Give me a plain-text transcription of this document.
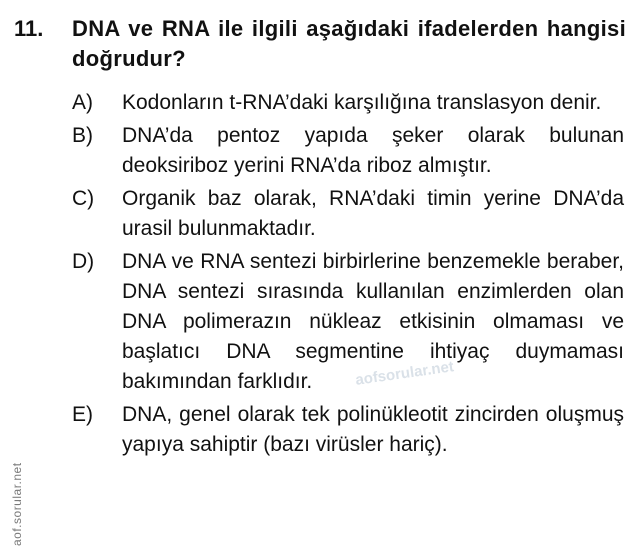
11.	DNA ve RNA ile ilgili aşağıdaki ifadelerden hangisi doğrudur?
A)	Kodonların t-RNA’daki karşılığına translasyon denir.
B)	DNA’da pentoz yapıda şeker olarak bulunan deoksiriboz yerini RNA’da riboz almıştır.
C)	Organik baz olarak, RNA’daki timin yerine DNA’da urasil bulunmaktadır.
D)	DNA ve RNA sentezi birbirlerine benzemekle beraber, DNA sentezi sırasında kullanılan enzimlerden olan DNA polimerazın nükleaz etkisinin olmaması ve başlatıcı DNA segmentine ihtiyaç duymaması bakımından farklıdır.
E)	DNA, genel olarak tek polinükleotit zincirden oluşmuş yapıya sahiptir (bazı virüsler hariç).
aofsorular.net
aof.sorular.net
